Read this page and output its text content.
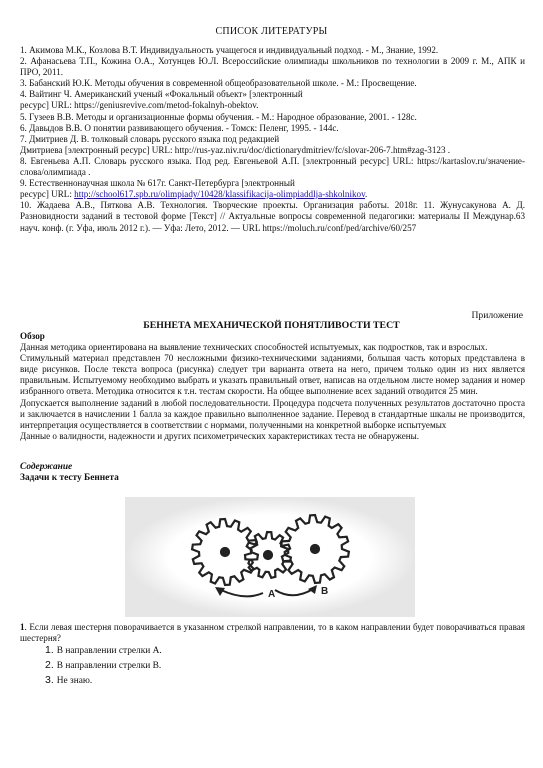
СПИСОК ЛИТЕРАТУРЫ

1. Акимова М.К., Козлова В.Т. Индивидуальность учащегося и индивидуальный подход. - М., Знание, 1992.

2. Афанасьева Т.П., Кожина О.А., Хотунцев Ю.Л. Всероссийские олимпиады школьников по технологии в 2009 г. М., АПК и ПРО, 2011.

3. Бабанский Ю.К. Методы обучения в современной общеобразовательной школе. - М.: Просвещение.

4. Вайтинг Ч. Американский ученый «Фокальный объект» [электронный

ресурс] URL: https://geniusrevive.com/metod-fokalnyh-obektov.

5. Гузеев В.В. Методы и организационные формы обучения. - М.: Народное образование, 2001. - 128с.

6. Давыдов В.В. О понятии развивающего обучения. - Томск: Пеленг, 1995. - 144с.

7. Дмитриев Д. В. толковый словарь русского языка под редакцией

Дмитриева [электронный ресурс] URL: http://rus-yaz.niv.ru/doc/dictionarydmitriev/fc/slovar-206-7.htm#zag-3123 .

8. Евгеньева А.П. Словарь русского языка. Под ред. Евгеньевой А.П. [электронный ресурс] URL: https://kartaslov.ru/значение-слова/олимпиада .

9. Естественнонаучная школа № 617г. Санкт-Петербурга [электронный

ресурс] URL: http://school617.spb.ru/olimpiady/10428/klassifikacija-olimpiaddlja-shkolnikov.

10. Жадаева А.В., Пяткова А.В. Технология. Творческие проекты. Организация работы. 2018г. 11. Жунусакунова А. Д. Разновидности заданий в тестовой форме [Текст] // Актуальные вопросы современной педагогики: материалы II Междунар.63 науч. конф. (г. Уфа, июль 2012 г.). — Уфа: Лето, 2012. — URL https://moluch.ru/conf/ped/archive/60/257

Приложение
БЕННЕТА МЕХАНИЧЕСКОЙ ПОНЯТЛИВОСТИ ТЕСТ

Обзор

Данная методика ориентирована на выявление технических способностей испытуемых, как подростков, так и взрослых.

Стимульный материал представлен 70 несложными физико-техническими заданиями, большая часть которых представлена в виде рисунков. После текста вопроса (рисунка) следует три варианта ответа на него, причем только один из них является правильным. Испытуемому необходимо выбрать и указать правильный ответ, написав на отдельном листе номер задания и номер избранного ответа. Методика относится к т.н. тестам скорости. На общее выполнение всех заданий отводится 25 мин.

Допускается выполнение заданий в любой последовательности. Процедура подсчета полученных результатов достаточно проста и заключается в начислении 1 балла за каждое правильно выполненное задание. Перевод в стандартные шкалы не производится, интерпретация осуществляется в соответствии с нормами, полученными на конкретной выборке испытуемых

Данные о валидности, надежности и других психометрических характеристиках теста не обнаружены.

Содержание
Задачи к тесту Беннета
A	B
1. Если левая шестерня поворачивается в указанном стрелкой направлении, то в каком направлении будет поворачиваться правая шестерня?
1. В направлении стрелки А.
2. В направлении стрелки В.
3. Не знаю.
